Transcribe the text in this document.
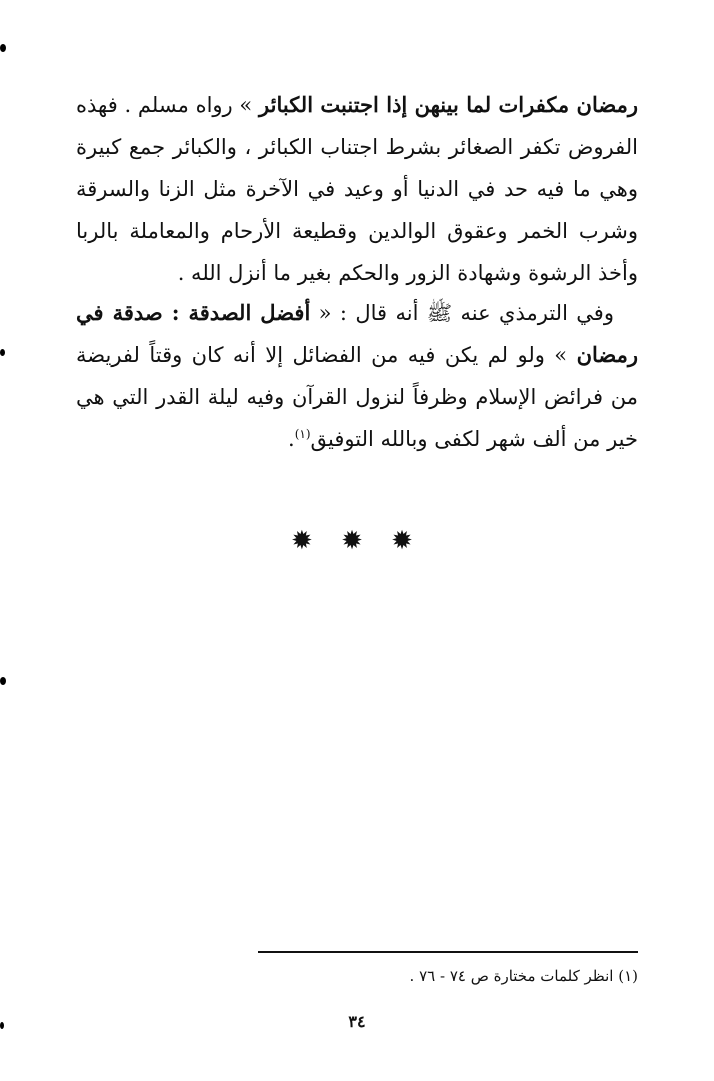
رمضان مكفرات لما بينهن إذا اجتنبت الكبائر » رواه مسلم . فهذه الفروض تكفر الصغائر بشرط اجتناب الكبائر ، والكبائر جمع كبيرة وهي ما فيه حد في الدنيا أو وعيد في الآخرة مثل الزنا والسرقة وشرب الخمر وعقوق الوالدين وقطيعة الأرحام والمعاملة بالربا وأخذ الرشوة وشهادة الزور والحكم بغير ما أنزل الله .
وفي الترمذي عنه ﷺ أنه قال : « أفضل الصدقة : صدقة في رمضان » ولو لم يكن فيه من الفضائل إلا أنه كان وقتاً لفريضة من فرائض الإسلام وظرفاً لنزول القرآن وفيه ليلة القدر التي هي خير من ألف شهر لكفى وبالله التوفيق$^{(١)}$.
✹ ✹ ✹
(١) انظر كلمات مختارة ص ٧٤ - ٧٦ .
٣٤
